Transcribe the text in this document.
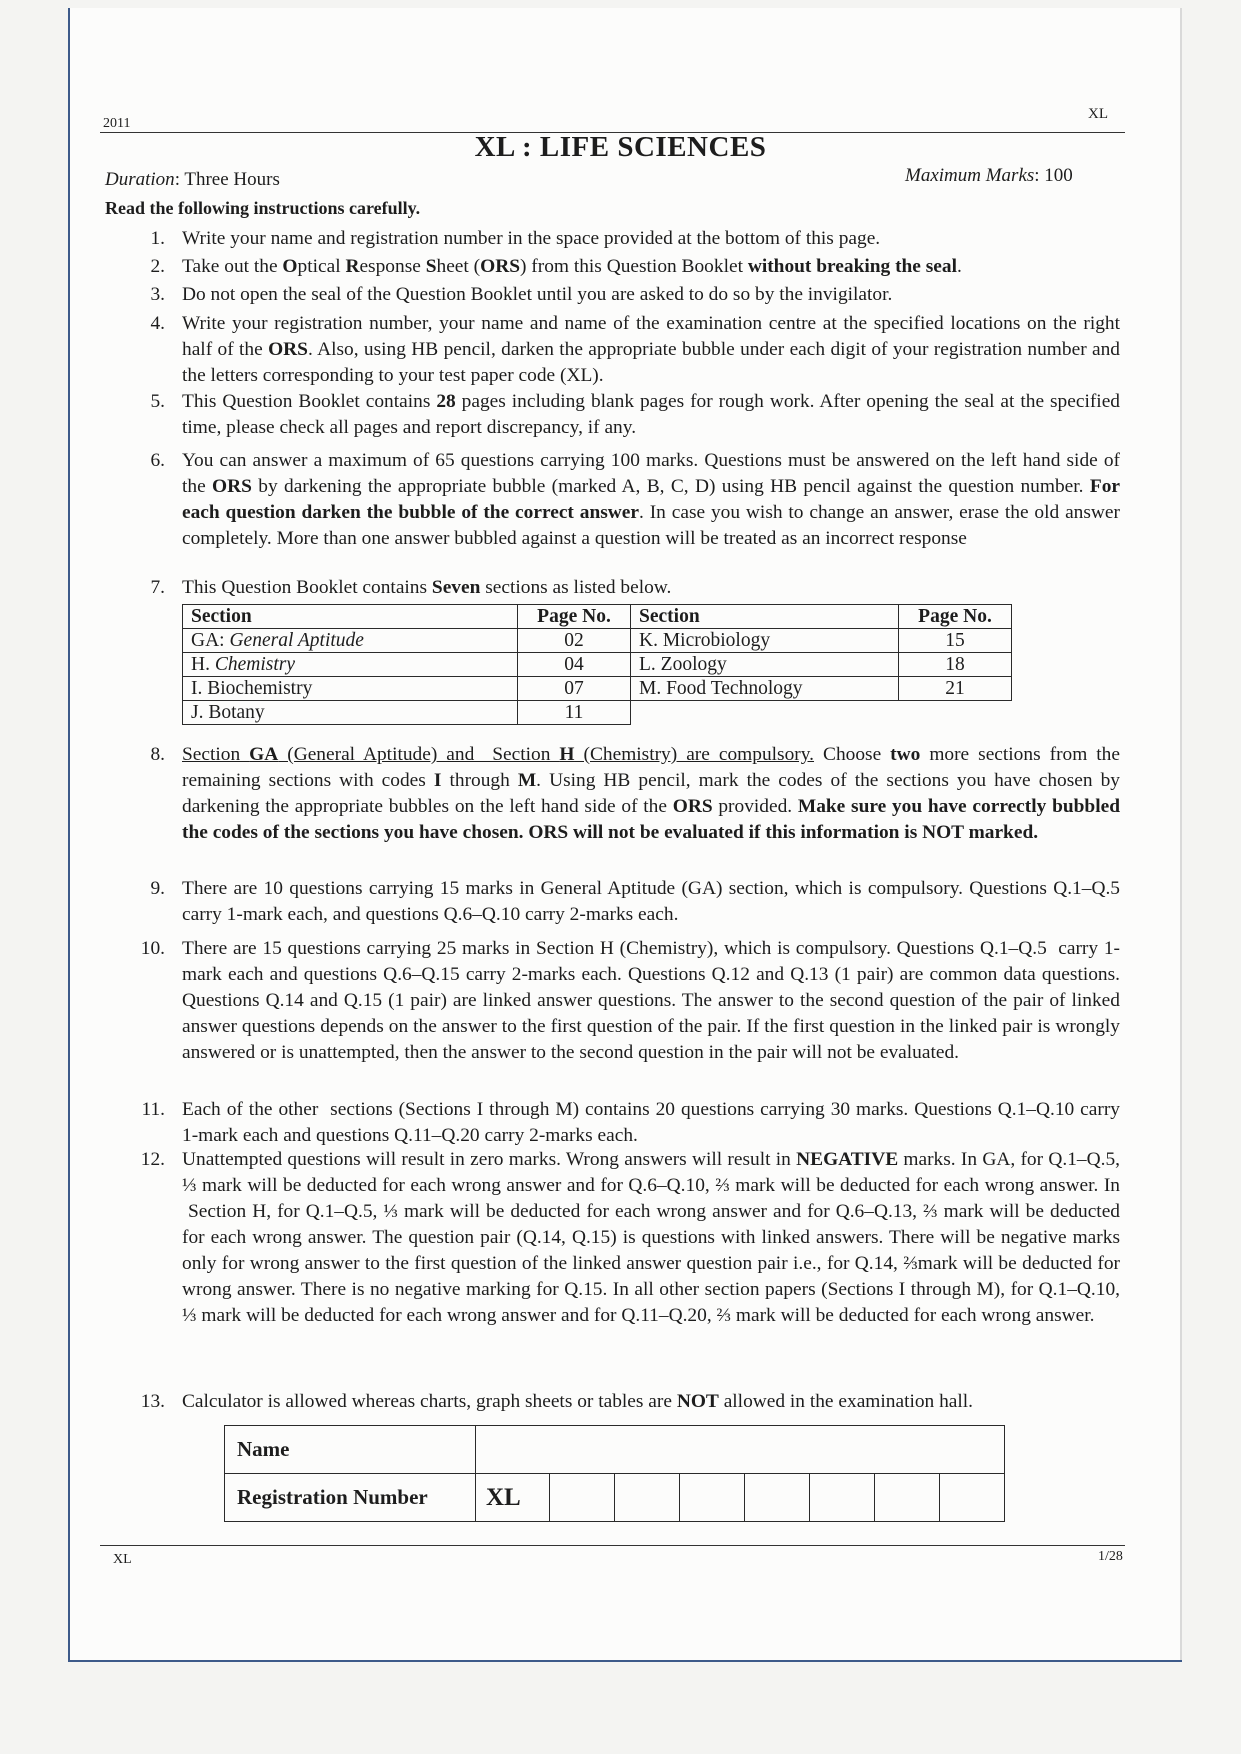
2011
XL
XL : LIFE SCIENCES
Duration: Three Hours	Maximum Marks: 100
Read the following instructions carefully.
1. Write your name and registration number in the space provided at the bottom of this page.
2. Take out the Optical Response Sheet (ORS) from this Question Booklet without breaking the seal.
3. Do not open the seal of the Question Booklet until you are asked to do so by the invigilator.
4. Write your registration number, your name and name of the examination centre at the specified locations on the right half of the ORS. Also, using HB pencil, darken the appropriate bubble under each digit of your registration number and the letters corresponding to your test paper code (XL).
5. This Question Booklet contains 28 pages including blank pages for rough work. After opening the seal at the specified time, please check all pages and report discrepancy, if any.
6. You can answer a maximum of 65 questions carrying 100 marks. Questions must be answered on the left hand side of the ORS by darkening the appropriate bubble (marked A, B, C, D) using HB pencil against the question number. For each question darken the bubble of the correct answer. In case you wish to change an answer, erase the old answer completely. More than one answer bubbled against a question will be treated as an incorrect response
7. This Question Booklet contains Seven sections as listed below.
8. Section GA (General Aptitude) and  Section H (Chemistry) are compulsory. Choose two more sections from the remaining sections with codes I through M. Using HB pencil, mark the codes of the sections you have chosen by darkening the appropriate bubbles on the left hand side of the ORS provided. Make sure you have correctly bubbled the codes of the sections you have chosen. ORS will not be evaluated if this information is NOT marked.
9. There are 10 questions carrying 15 marks in General Aptitude (GA) section, which is compulsory. Questions Q.1–Q.5 carry 1-mark each, and questions Q.6–Q.10 carry 2-marks each.
10. There are 15 questions carrying 25 marks in Section H (Chemistry), which is compulsory. Questions Q.1–Q.5  carry 1-mark each and questions Q.6–Q.15 carry 2-marks each. Questions Q.12 and Q.13 (1 pair) are common data questions. Questions Q.14 and Q.15 (1 pair) are linked answer questions. The answer to the second question of the pair of linked answer questions depends on the answer to the first question of the pair. If the first question in the linked pair is wrongly answered or is unattempted, then the answer to the second question in the pair will not be evaluated.
11. Each of the other  sections (Sections I through M) contains 20 questions carrying 30 marks. Questions Q.1–Q.10 carry 1-mark each and questions Q.11–Q.20 carry 2-marks each.
12. Unattempted questions will result in zero marks. Wrong answers will result in NEGATIVE marks. In GA, for Q.1–Q.5, ⅓ mark will be deducted for each wrong answer and for Q.6–Q.10, ⅔ mark will be deducted for each wrong answer. In  Section H, for Q.1–Q.5, ⅓ mark will be deducted for each wrong answer and for Q.6–Q.13, ⅔ mark will be deducted for each wrong answer. The question pair (Q.14, Q.15) is questions with linked answers. There will be negative marks only for wrong answer to the first question of the linked answer question pair i.e., for Q.14, ⅔mark will be deducted for wrong answer. There is no negative marking for Q.15. In all other section papers (Sections I through M), for Q.1–Q.10, ⅓ mark will be deducted for each wrong answer and for Q.11–Q.20, ⅔ mark will be deducted for each wrong answer.
13. Calculator is allowed whereas charts, graph sheets or tables are NOT allowed in the examination hall.
Section	Page No.	Section	Page No.
GA: General Aptitude	02	K. Microbiology	15
H. Chemistry	04	L. Zoology	18
I. Biochemistry	07	M. Food Technology	21
J. Botany	11		
Name								
Registration Number	XL							
XL	1/28
